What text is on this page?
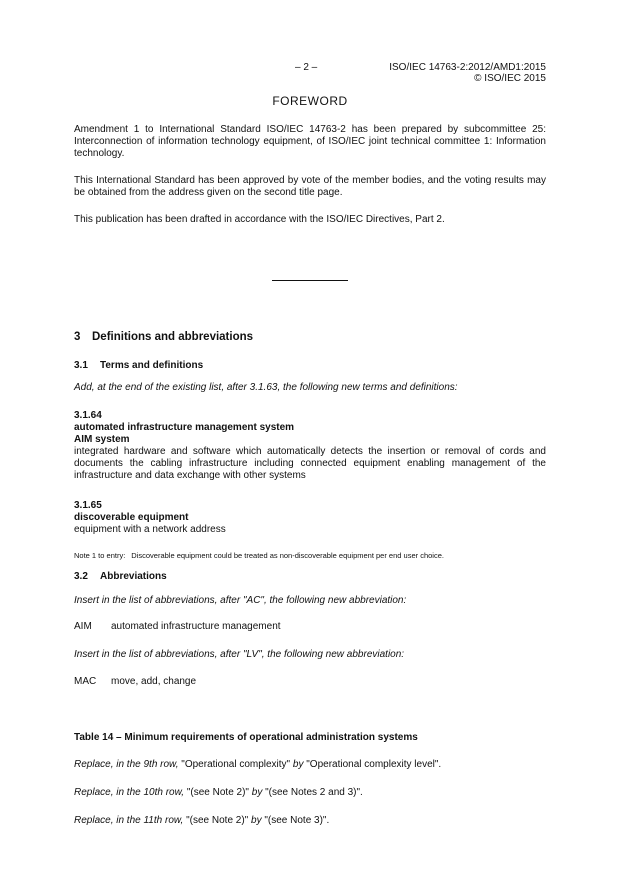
– 2 –	ISO/IEC 14763-2:2012/AMD1:2015
© ISO/IEC 2015
FOREWORD
Amendment 1 to International Standard ISO/IEC 14763-2 has been prepared by subcommittee 25: Interconnection of information technology equipment, of ISO/IEC joint technical committee 1: Information technology.
This International Standard has been approved by vote of the member bodies, and the voting results may be obtained from the address given on the second title page.
This publication has been drafted in accordance with the ISO/IEC Directives, Part 2.
3 Definitions and abbreviations
3.1 Terms and definitions
Add, at the end of the existing list, after 3.1.63, the following new terms and definitions:
3.1.64
automated infrastructure management system
AIM system
integrated hardware and software which automatically detects the insertion or removal of cords and documents the cabling infrastructure including connected equipment enabling management of the infrastructure and data exchange with other systems
3.1.65
discoverable equipment
equipment with a network address
Note 1 to entry: Discoverable equipment could be treated as non-discoverable equipment per end user choice.
3.2 Abbreviations
Insert in the list of abbreviations, after "AC", the following new abbreviation:
AIM automated infrastructure management
Insert in the list of abbreviations, after "LV", the following new abbreviation:
MAC move, add, change
Table 14 – Minimum requirements of operational administration systems
Replace, in the 9th row, "Operational complexity" by "Operational complexity level".
Replace, in the 10th row, "(see Note 2)" by "(see Notes 2 and 3)".
Replace, in the 11th row, "(see Note 2)" by "(see Note 3)".
